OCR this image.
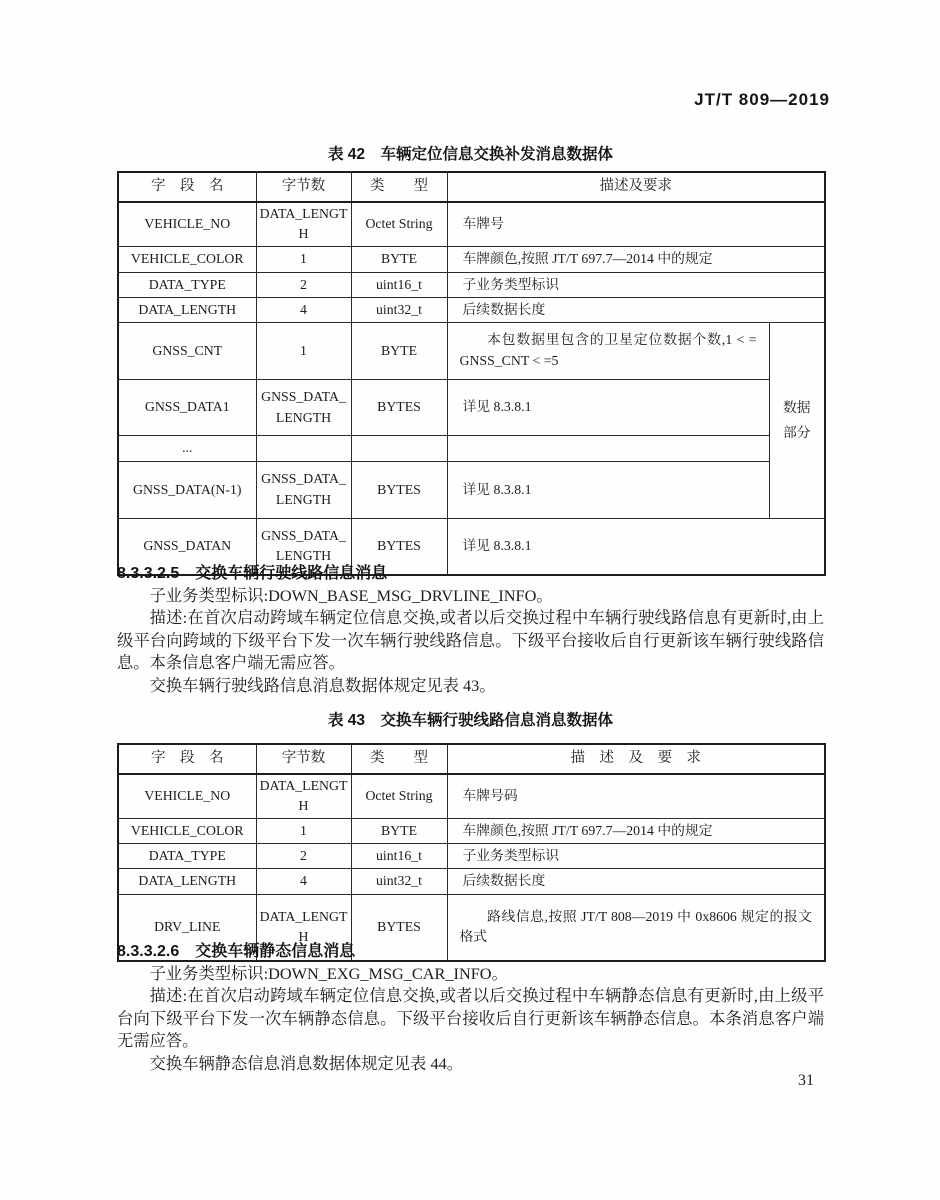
JT/T 809—2019
表 42　车辆定位信息交换补发消息数据体
字　段　名	字节数	类　　型	描述及要求	
VEHICLE_NO	DATA_LENGTH	Octet String	车牌号	
VEHICLE_COLOR	1	BYTE	车牌颜色,按照 JT/T 697.7—2014 中的规定	
DATA_TYPE	2	uint16_t	子业务类型标识	
DATA_LENGTH	4	uint32_t	后续数据长度	
GNSS_CNT	1	BYTE	本包数据里包含的卫星定位数据个数,1 < = GNSS_CNT < =5	数据部分
GNSS_DATA1	GNSS_DATA_LENGTH	BYTES	详见 8.3.8.1	
...				
GNSS_DATA(N-1)	GNSS_DATA_LENGTH	BYTES	详见 8.3.8.1	
GNSS_DATAN	GNSS_DATA_LENGTH	BYTES	详见 8.3.8.1	
8.3.3.2.5　交换车辆行驶线路信息消息

子业务类型标识:DOWN_BASE_MSG_DRVLINE_INFO。

描述:在首次启动跨域车辆定位信息交换,或者以后交换过程中车辆行驶线路信息有更新时,由上级平台向跨域的下级平台下发一次车辆行驶线路信息。下级平台接收后自行更新该车辆行驶线路信息。本条信息客户端无需应答。

交换车辆行驶线路信息消息数据体规定见表 43。

表 43　交换车辆行驶线路信息消息数据体
字　段　名	字节数	类　　型	描　述　及　要　求
VEHICLE_NO	DATA_LENGTH	Octet String	车牌号码
VEHICLE_COLOR	1	BYTE	车牌颜色,按照 JT/T 697.7—2014 中的规定
DATA_TYPE	2	uint16_t	子业务类型标识
DATA_LENGTH	4	uint32_t	后续数据长度
DRV_LINE	DATA_LENGTH	BYTES	路线信息,按照 JT/T 808—2019 中 0x8606 规定的报文格式
8.3.3.2.6　交换车辆静态信息消息

子业务类型标识:DOWN_EXG_MSG_CAR_INFO。

描述:在首次启动跨域车辆定位信息交换,或者以后交换过程中车辆静态信息有更新时,由上级平台向下级平台下发一次车辆静态信息。下级平台接收后自行更新该车辆静态信息。本条消息客户端无需应答。

交换车辆静态信息消息数据体规定见表 44。

31
